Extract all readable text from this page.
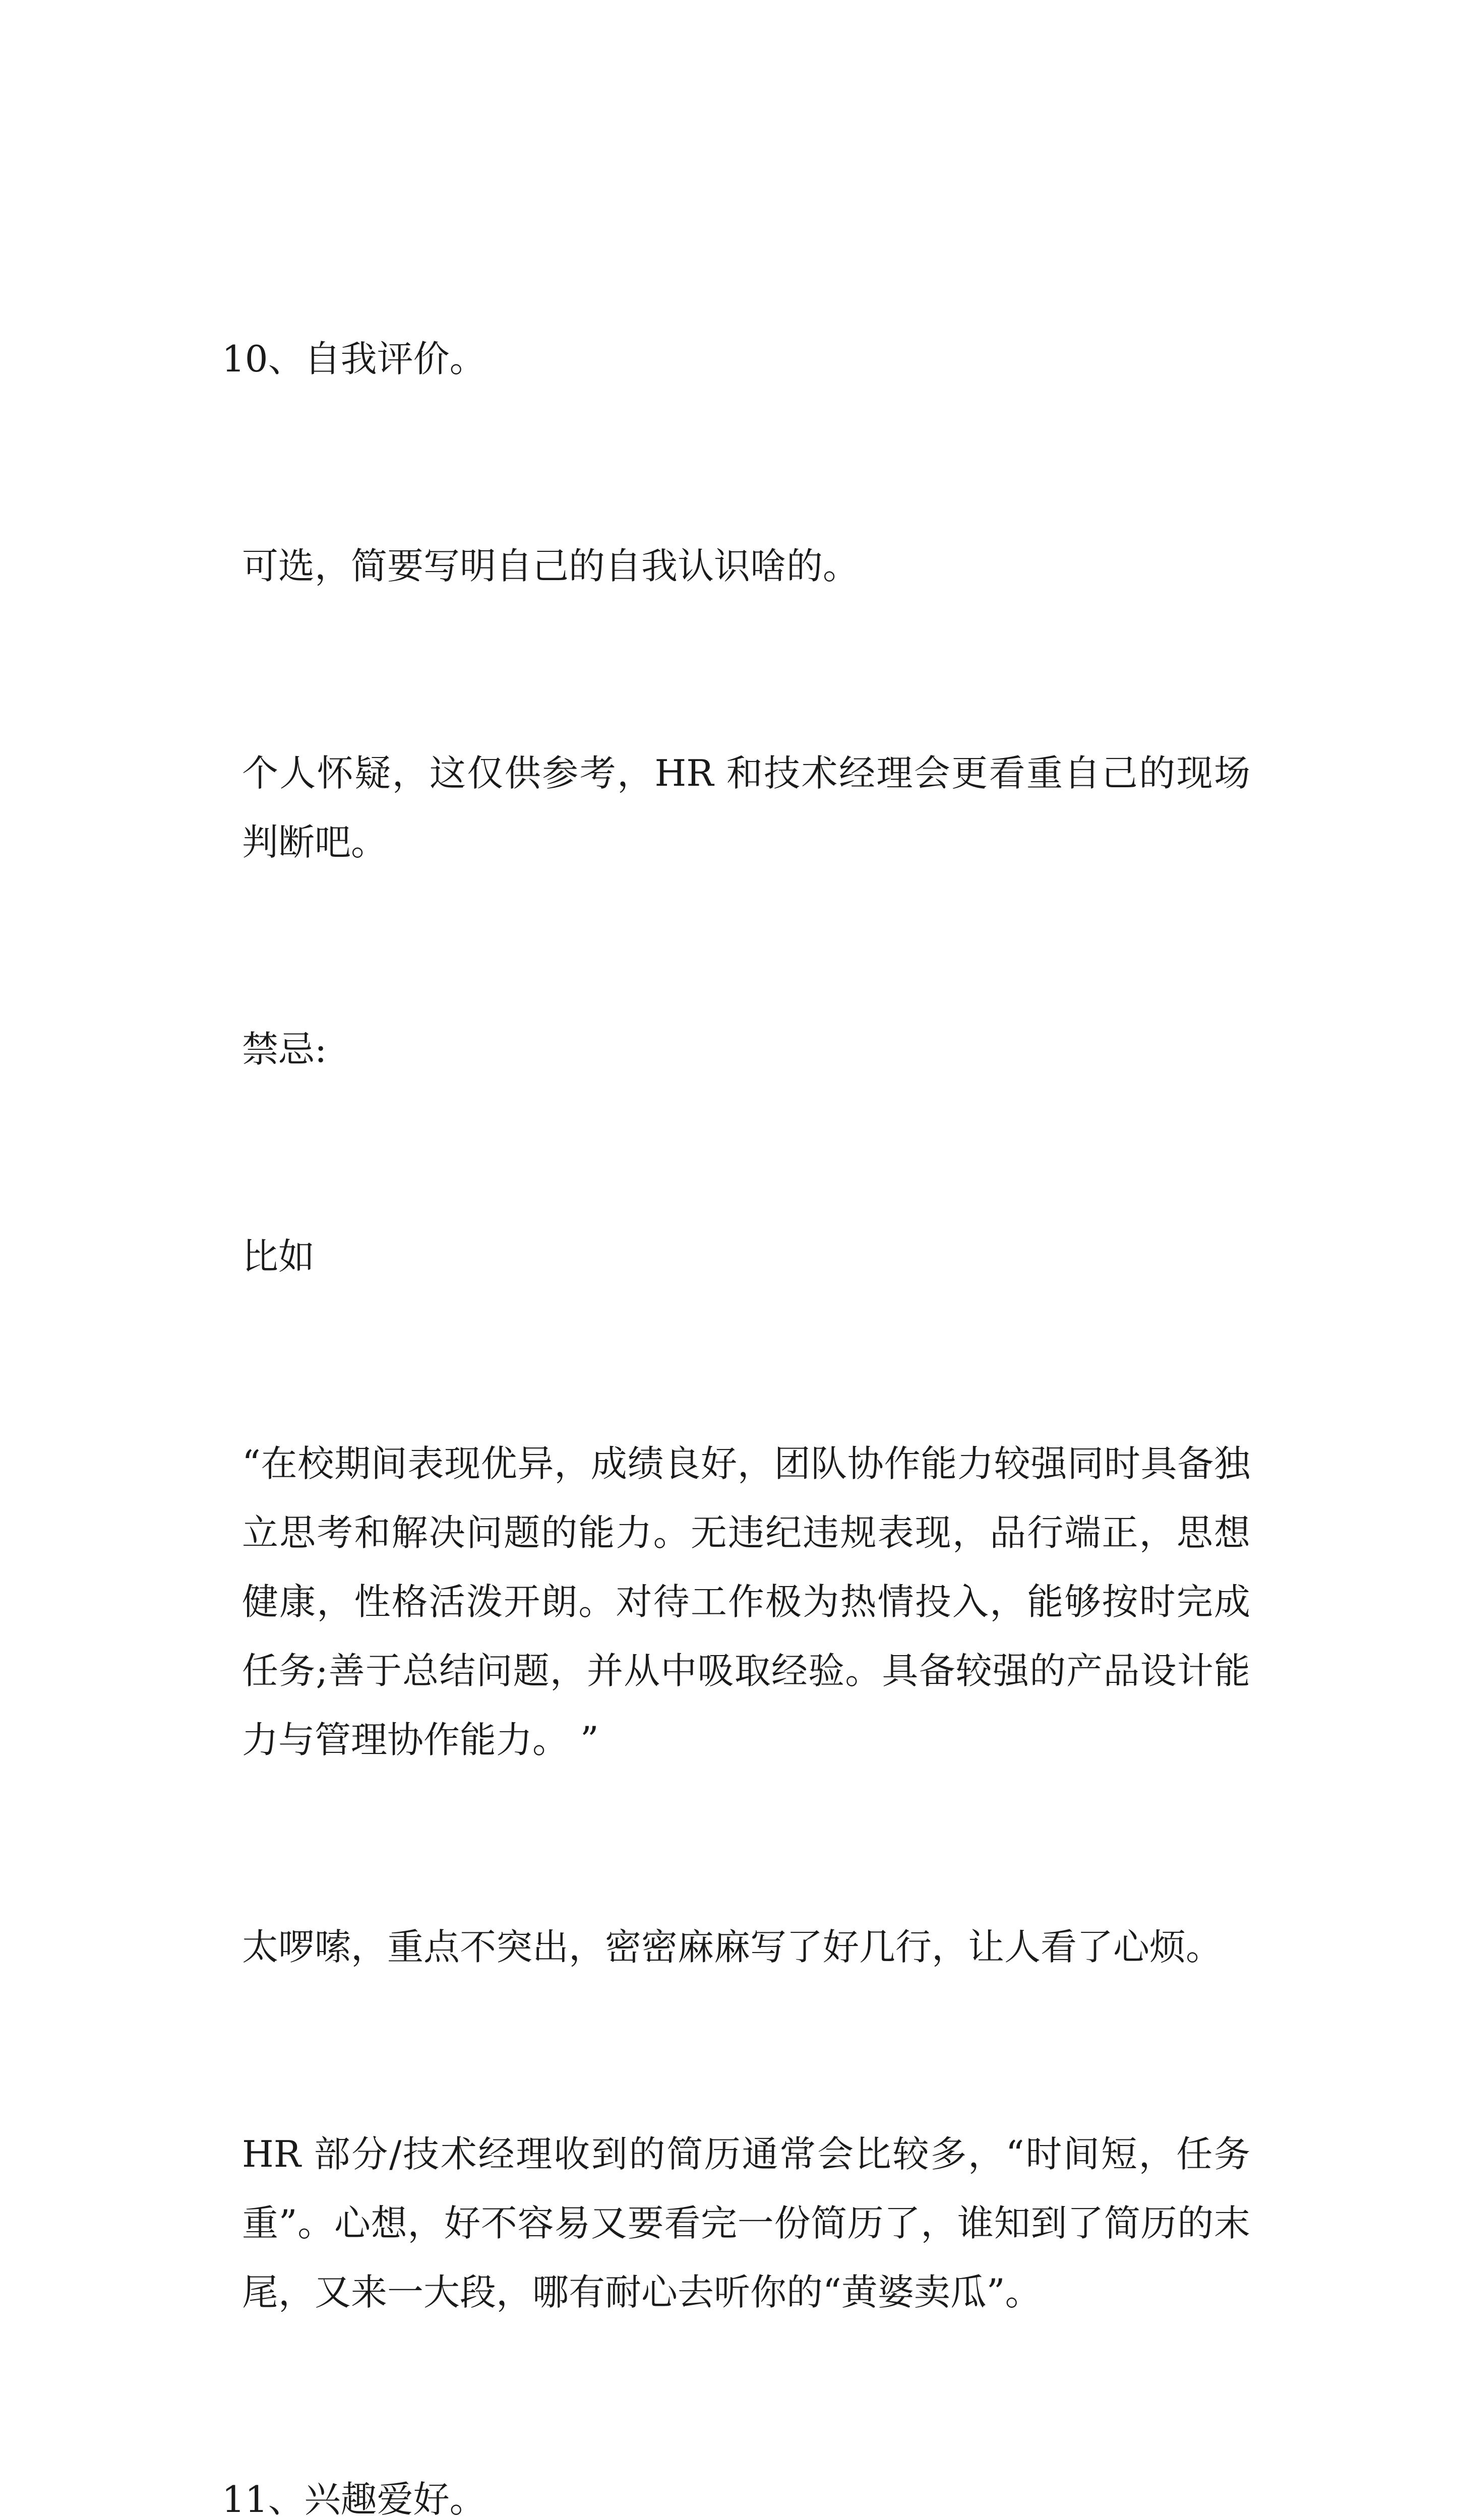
10、自我评价。

可选，简要写明自己的自我认识啥的。

个人怀疑，这仅供参考，HR 和技术经理会更看重自己的现场判断吧。

禁忌:

比如

“在校期间表现优异，成绩良好，团队协作能力较强同时具备独立思考和解决问题的能力。无违纪违规表现，品行端正，思想健康，性格活泼开朗。对待工作极为热情投入，能够按时完成任务;善于总结问题，并从中吸取经验。具备较强的产品设计能力与管理协作能力。 ”

太啰嗦，重点不突出，密密麻麻写了好几行，让人看了心烦。

HR 部分/技术经理收到的简历通常会比较多，“时间短，任务重”。心想，好不容易又要看完一份简历了，谁知到了简历的末尾，又来一大段，哪有耐心去听你的“黄婆卖瓜”。

11、兴趣爱好。
